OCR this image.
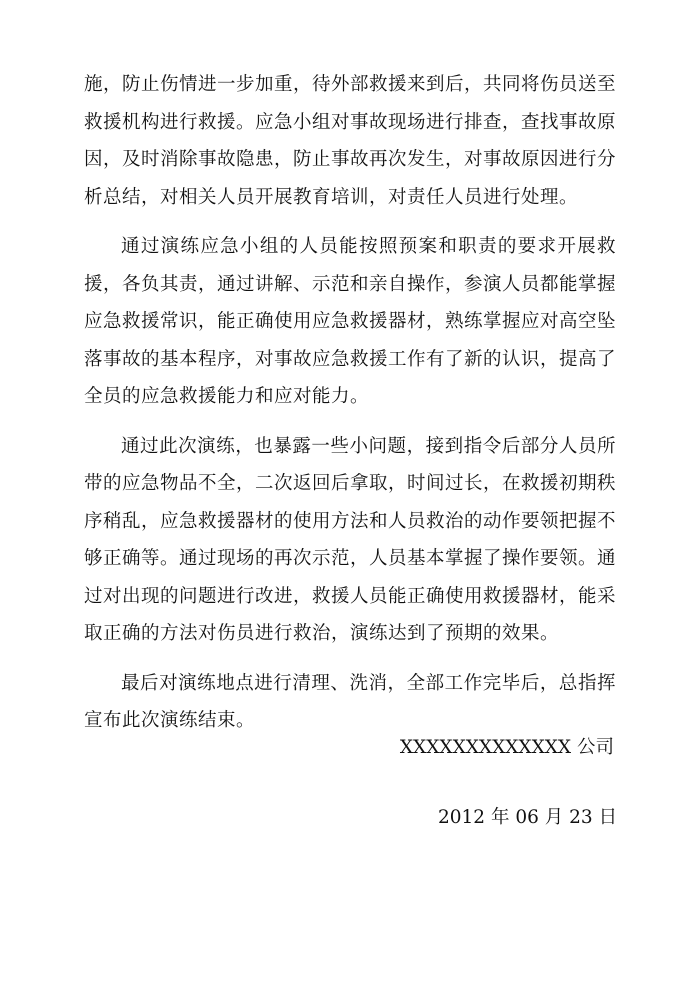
施，防止伤情进一步加重，待外部救援来到后，共同将伤员送至救援机构进行救援。应急小组对事故现场进行排查，查找事故原因，及时消除事故隐患，防止事故再次发生，对事故原因进行分析总结，对相关人员开展教育培训，对责任人员进行处理。

通过演练应急小组的人员能按照预案和职责的要求开展救援，各负其责，通过讲解、示范和亲自操作，参演人员都能掌握应急救援常识，能正确使用应急救援器材，熟练掌握应对高空坠落事故的基本程序，对事故应急救援工作有了新的认识，提高了全员的应急救援能力和应对能力。

通过此次演练，也暴露一些小问题，接到指令后部分人员所带的应急物品不全，二次返回后拿取，时间过长，在救援初期秩序稍乱，应急救援器材的使用方法和人员救治的动作要领把握不够正确等。通过现场的再次示范，人员基本掌握了操作要领。通过对出现的问题进行改进，救援人员能正确使用救援器材，能采取正确的方法对伤员进行救治，演练达到了预期的效果。

最后对演练地点进行清理、洗消，全部工作完毕后，总指挥宣布此次演练结束。

XXXXXXXXXXXXX 公司
2012 年 06 月 23 日
